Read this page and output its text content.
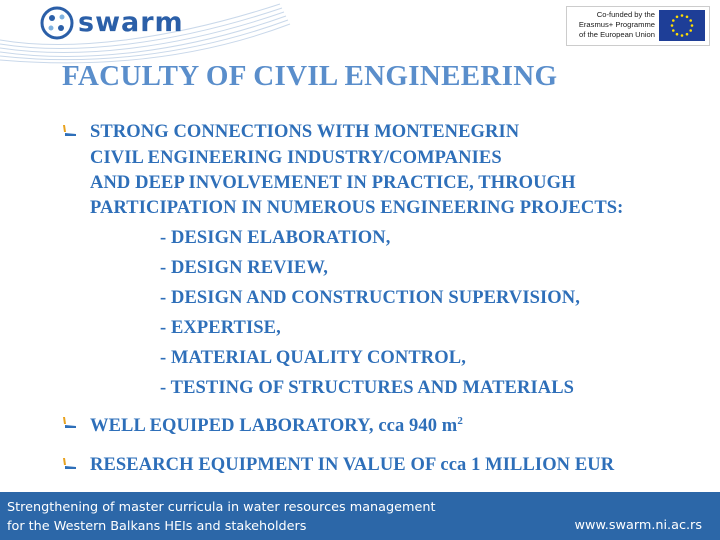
swarm	Co-funded by the
Erasmus+ Programme
of the European Union
FACULTY OF CIVIL ENGINEERING
STRONG CONNECTIONS WITH MONTENEGRIN
CIVIL ENGINEERING INDUSTRY/COMPANIES
AND DEEP INVOLVEMENET IN PRACTICE, THROUGH
PARTICIPATION IN NUMEROUS ENGINEERING PROJECTS:
- DESIGN ELABORATION,
- DESIGN REVIEW,
- DESIGN AND CONSTRUCTION SUPERVISION,
- EXPERTISE,
- MATERIAL QUALITY CONTROL,
- TESTING OF STRUCTURES AND MATERIALS
WELL EQUIPED LABORATORY, cca 940 $m^2$
RESEARCH EQUIPMENT IN VALUE OF cca 1 MILLION EUR
Strengthening of master curricula in water resources management
for the Western Balkans HEIs and stakeholders	www.swarm.ni.ac.rs
